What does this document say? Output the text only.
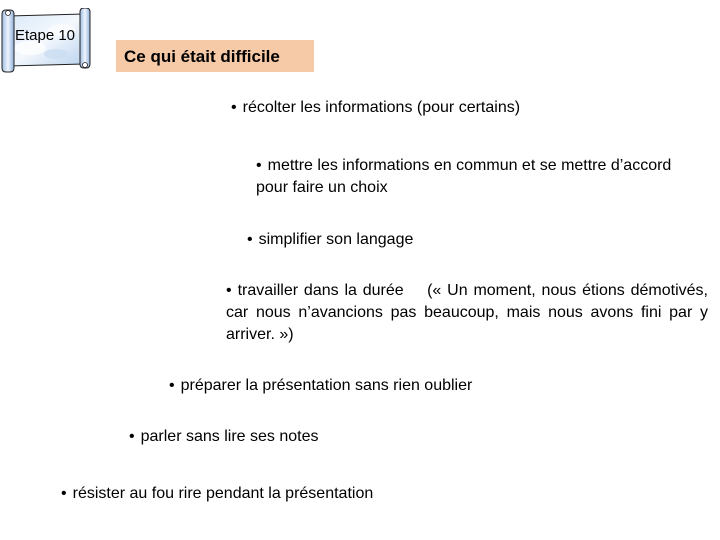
Etape 10
Ce qui était difficile
• récolter les informations (pour certains)
• mettre les informations en commun et se mettre d’accord pour faire un choix
• simplifier son langage
• travailler dans la durée    (« Un moment, nous étions démotivés, car nous n’avancions pas beaucoup, mais nous avons fini par y arriver. »)
• préparer la présentation sans rien oublier
• parler sans lire ses notes
• résister au fou rire pendant la présentation
